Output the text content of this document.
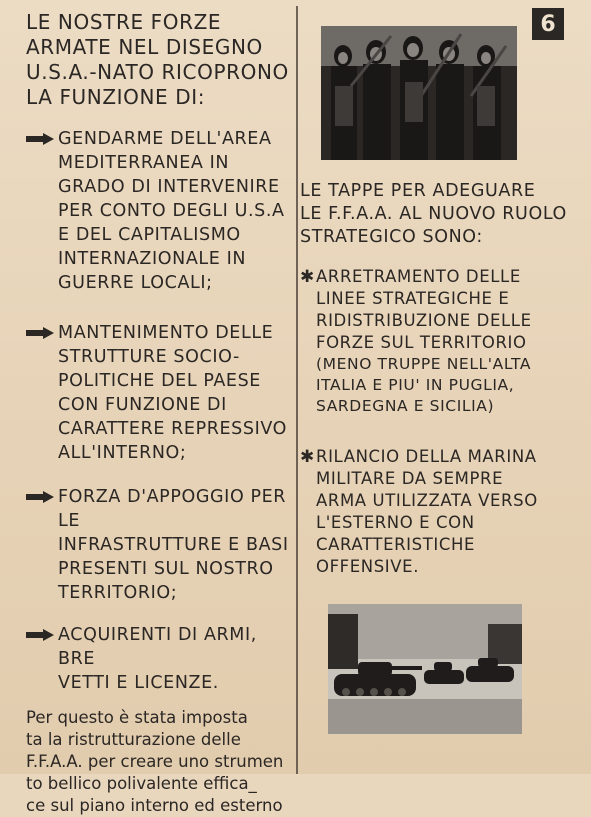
LE NOSTRE FORZE
ARMATE NEL DISEGNO
U.S.A.-NATO RICOPRONO
LA FUNZIONE DI:
GENDARME DELL'AREA
MEDITERRANEA IN
GRADO DI INTERVENIRE
PER CONTO DEGLI U.S.A
E DEL CAPITALISMO
INTERNAZIONALE IN
GUERRE LOCALI;
MANTENIMENTO DELLE
STRUTTURE SOCIO-
POLITICHE DEL PAESE
CON FUNZIONE DI
CARATTERE REPRESSIVO
ALL'INTERNO;
FORZA D'APPOGGIO PER LE
INFRASTRUTTURE E BASI
PRESENTI SUL NOSTRO
TERRITORIO;
ACQUIRENTI DI ARMI, BRE
VETTI E LICENZE.
Per questo è stata imposta
ta la ristrutturazione delle
F.F.A.A. per creare uno strumen
to bellico polivalente effica_
ce sul piano interno ed esterno
6
LE TAPPE PER ADEGUARE
LE F.F.A.A. AL NUOVO RUOLO
STRATEGICO SONO:
✱ ARRETRAMENTO DELLE
LINEE STRATEGICHE E
RIDISTRIBUZIONE DELLE
FORZE SUL TERRITORIO
(MENO TRUPPE NELL'ALTA
ITALIA E PIU' IN PUGLIA,
SARDEGNA E SICILIA)
✱ RILANCIO DELLA MARINA
MILITARE DA SEMPRE
ARMA UTILIZZATA VERSO
L'ESTERNO E CON
CARATTERISTICHE
OFFENSIVE.
